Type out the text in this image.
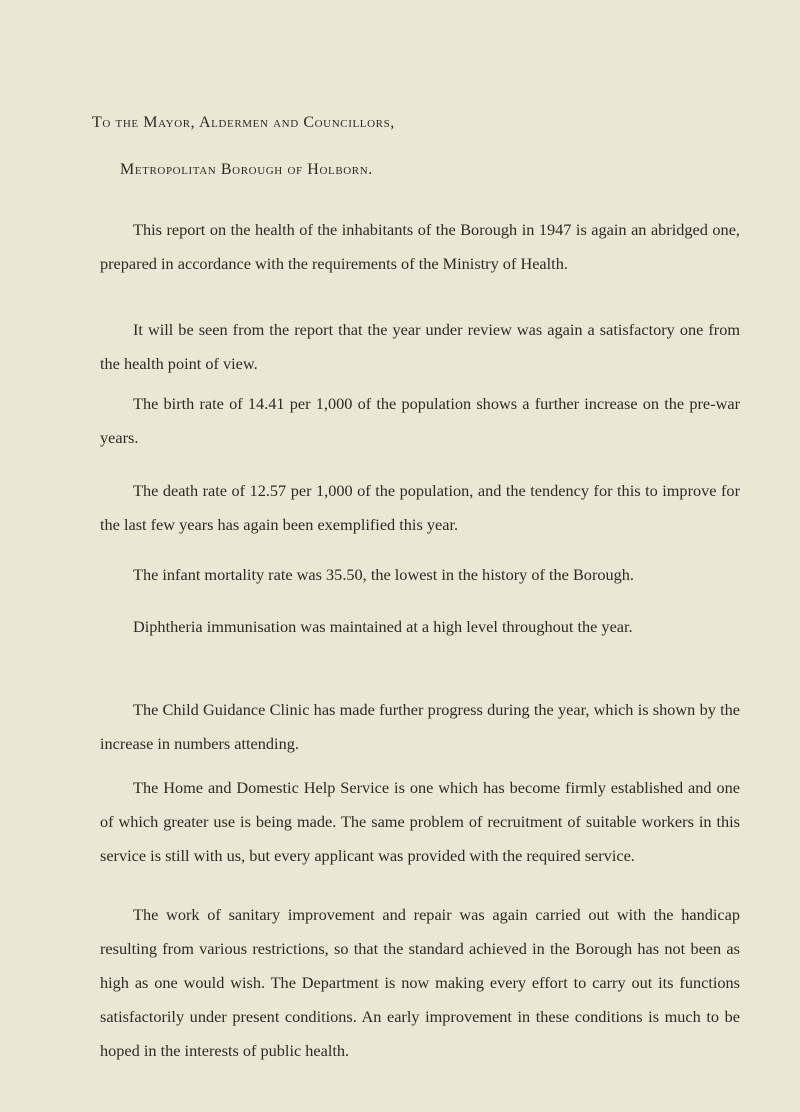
To the Mayor, Aldermen and Councillors,
Metropolitan Borough of Holborn.

This report on the health of the inhabitants of the Borough in 1947 is again an abridged one, prepared in accordance with the requirements of the Ministry of Health.

It will be seen from the report that the year under review was again a satisfactory one from the health point of view.

The birth rate of 14.41 per 1,000 of the population shows a further increase on the pre-war years.

The death rate of 12.57 per 1,000 of the population, and the tendency for this to improve for the last few years has again been exemplified this year.

The infant mortality rate was 35.50, the lowest in the history of the Borough.

Diphtheria immunisation was maintained at a high level throughout the year.

The Child Guidance Clinic has made further progress during the year, which is shown by the increase in numbers attending.

The Home and Domestic Help Service is one which has become firmly established and one of which greater use is being made. The same problem of recruitment of suitable workers in this service is still with us, but every applicant was provided with the required service.

The work of sanitary improvement and repair was again carried out with the handicap resulting from various restrictions, so that the standard achieved in the Borough has not been as high as one would wish. The Department is now making every effort to carry out its functions satisfactorily under present conditions. An early improvement in these conditions is much to be hoped in the interests of public health.
